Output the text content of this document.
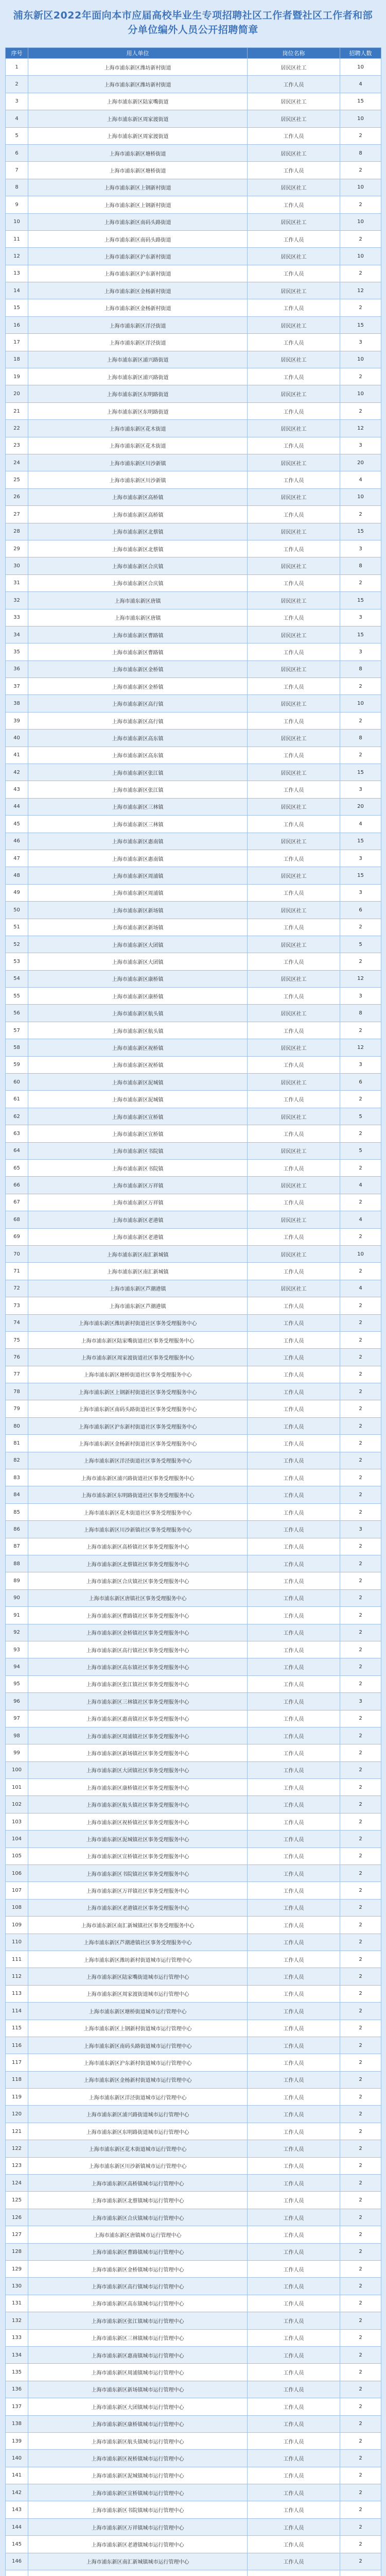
浦东新区2022年面向本市应届高校毕业生专项招聘社区工作者暨社区工作者和部
分单位编外人员公开招聘简章
序号	用人单位	岗位名称	招聘人数
1	上海市浦东新区潍坊新村街道	居民区社工	10
2	上海市浦东新区潍坊新村街道	工作人员	4
3	上海市浦东新区陆家嘴街道	居民区社工	15
4	上海市浦东新区周家渡街道	居民区社工	10
5	上海市浦东新区周家渡街道	工作人员	2
6	上海市浦东新区塘桥街道	居民区社工	8
7	上海市浦东新区塘桥街道	工作人员	2
8	上海市浦东新区上钢新村街道	居民区社工	10
9	上海市浦东新区上钢新村街道	工作人员	2
10	上海市浦东新区南码头路街道	居民区社工	10
11	上海市浦东新区南码头路街道	工作人员	2
12	上海市浦东新区沪东新村街道	居民区社工	10
13	上海市浦东新区沪东新村街道	工作人员	2
14	上海市浦东新区金杨新村街道	居民区社工	12
15	上海市浦东新区金杨新村街道	工作人员	2
16	上海市浦东新区洋泾街道	居民区社工	15
17	上海市浦东新区洋泾街道	工作人员	3
18	上海市浦东新区浦兴路街道	居民区社工	10
19	上海市浦东新区浦兴路街道	工作人员	2
20	上海市浦东新区东明路街道	居民区社工	10
21	上海市浦东新区东明路街道	工作人员	2
22	上海市浦东新区花木街道	居民区社工	12
23	上海市浦东新区花木街道	工作人员	3
24	上海市浦东新区川沙新镇	居民区社工	20
25	上海市浦东新区川沙新镇	工作人员	4
26	上海市浦东新区高桥镇	居民区社工	10
27	上海市浦东新区高桥镇	工作人员	2
28	上海市浦东新区北蔡镇	居民区社工	15
29	上海市浦东新区北蔡镇	工作人员	3
30	上海市浦东新区合庆镇	居民区社工	8
31	上海市浦东新区合庆镇	工作人员	2
32	上海市浦东新区唐镇	居民区社工	15
33	上海市浦东新区唐镇	工作人员	3
34	上海市浦东新区曹路镇	居民区社工	15
35	上海市浦东新区曹路镇	工作人员	3
36	上海市浦东新区金桥镇	居民区社工	8
37	上海市浦东新区金桥镇	工作人员	2
38	上海市浦东新区高行镇	居民区社工	10
39	上海市浦东新区高行镇	工作人员	2
40	上海市浦东新区高东镇	居民区社工	8
41	上海市浦东新区高东镇	工作人员	2
42	上海市浦东新区张江镇	居民区社工	15
43	上海市浦东新区张江镇	工作人员	3
44	上海市浦东新区三林镇	居民区社工	20
45	上海市浦东新区三林镇	工作人员	4
46	上海市浦东新区惠南镇	居民区社工	15
47	上海市浦东新区惠南镇	工作人员	3
48	上海市浦东新区周浦镇	居民区社工	15
49	上海市浦东新区周浦镇	工作人员	3
50	上海市浦东新区新场镇	居民区社工	6
51	上海市浦东新区新场镇	工作人员	2
52	上海市浦东新区大团镇	居民区社工	5
53	上海市浦东新区大团镇	工作人员	2
54	上海市浦东新区康桥镇	居民区社工	12
55	上海市浦东新区康桥镇	工作人员	3
56	上海市浦东新区航头镇	居民区社工	8
57	上海市浦东新区航头镇	工作人员	2
58	上海市浦东新区祝桥镇	居民区社工	12
59	上海市浦东新区祝桥镇	工作人员	3
60	上海市浦东新区泥城镇	居民区社工	6
61	上海市浦东新区泥城镇	工作人员	2
62	上海市浦东新区宣桥镇	居民区社工	5
63	上海市浦东新区宣桥镇	工作人员	2
64	上海市浦东新区书院镇	居民区社工	5
65	上海市浦东新区书院镇	工作人员	2
66	上海市浦东新区万祥镇	居民区社工	4
67	上海市浦东新区万祥镇	工作人员	2
68	上海市浦东新区老港镇	居民区社工	4
69	上海市浦东新区老港镇	工作人员	2
70	上海市浦东新区南汇新城镇	居民区社工	10
71	上海市浦东新区南汇新城镇	工作人员	2
72	上海市浦东新区芦潮港镇	居民区社工	4
73	上海市浦东新区芦潮港镇	工作人员	2
74	上海市浦东新区潍坊新村街道社区事务受理服务中心	工作人员	2
75	上海市浦东新区陆家嘴街道社区事务受理服务中心	工作人员	2
76	上海市浦东新区周家渡街道社区事务受理服务中心	工作人员	2
77	上海市浦东新区塘桥街道社区事务受理服务中心	工作人员	2
78	上海市浦东新区上钢新村街道社区事务受理服务中心	工作人员	2
79	上海市浦东新区南码头路街道社区事务受理服务中心	工作人员	2
80	上海市浦东新区沪东新村街道社区事务受理服务中心	工作人员	2
81	上海市浦东新区金杨新村街道社区事务受理服务中心	工作人员	2
82	上海市浦东新区洋泾街道社区事务受理服务中心	工作人员	2
83	上海市浦东新区浦兴路街道社区事务受理服务中心	工作人员	2
84	上海市浦东新区东明路街道社区事务受理服务中心	工作人员	2
85	上海市浦东新区花木街道社区事务受理服务中心	工作人员	2
86	上海市浦东新区川沙新镇社区事务受理服务中心	工作人员	3
87	上海市浦东新区高桥镇社区事务受理服务中心	工作人员	2
88	上海市浦东新区北蔡镇社区事务受理服务中心	工作人员	2
89	上海市浦东新区合庆镇社区事务受理服务中心	工作人员	2
90	上海市浦东新区唐镇社区事务受理服务中心	工作人员	2
91	上海市浦东新区曹路镇社区事务受理服务中心	工作人员	2
92	上海市浦东新区金桥镇社区事务受理服务中心	工作人员	2
93	上海市浦东新区高行镇社区事务受理服务中心	工作人员	2
94	上海市浦东新区高东镇社区事务受理服务中心	工作人员	2
95	上海市浦东新区张江镇社区事务受理服务中心	工作人员	2
96	上海市浦东新区三林镇社区事务受理服务中心	工作人员	3
97	上海市浦东新区惠南镇社区事务受理服务中心	工作人员	2
98	上海市浦东新区周浦镇社区事务受理服务中心	工作人员	2
99	上海市浦东新区新场镇社区事务受理服务中心	工作人员	2
100	上海市浦东新区大团镇社区事务受理服务中心	工作人员	2
101	上海市浦东新区康桥镇社区事务受理服务中心	工作人员	2
102	上海市浦东新区航头镇社区事务受理服务中心	工作人员	2
103	上海市浦东新区祝桥镇社区事务受理服务中心	工作人员	2
104	上海市浦东新区泥城镇社区事务受理服务中心	工作人员	2
105	上海市浦东新区宣桥镇社区事务受理服务中心	工作人员	2
106	上海市浦东新区书院镇社区事务受理服务中心	工作人员	2
107	上海市浦东新区万祥镇社区事务受理服务中心	工作人员	2
108	上海市浦东新区老港镇社区事务受理服务中心	工作人员	2
109	上海市浦东新区南汇新城镇社区事务受理服务中心	工作人员	2
110	上海市浦东新区芦潮港镇社区事务受理服务中心	工作人员	2
111	上海市浦东新区潍坊新村街道城市运行管理中心	工作人员	2
112	上海市浦东新区陆家嘴街道城市运行管理中心	工作人员	2
113	上海市浦东新区周家渡街道城市运行管理中心	工作人员	2
114	上海市浦东新区塘桥街道城市运行管理中心	工作人员	2
115	上海市浦东新区上钢新村街道城市运行管理中心	工作人员	2
116	上海市浦东新区南码头路街道城市运行管理中心	工作人员	2
117	上海市浦东新区沪东新村街道城市运行管理中心	工作人员	2
118	上海市浦东新区金杨新村街道城市运行管理中心	工作人员	2
119	上海市浦东新区洋泾街道城市运行管理中心	工作人员	2
120	上海市浦东新区浦兴路街道城市运行管理中心	工作人员	2
121	上海市浦东新区东明路街道城市运行管理中心	工作人员	2
122	上海市浦东新区花木街道城市运行管理中心	工作人员	2
123	上海市浦东新区川沙新镇城市运行管理中心	工作人员	2
124	上海市浦东新区高桥镇城市运行管理中心	工作人员	2
125	上海市浦东新区北蔡镇城市运行管理中心	工作人员	2
126	上海市浦东新区合庆镇城市运行管理中心	工作人员	2
127	上海市浦东新区唐镇城市运行管理中心	工作人员	2
128	上海市浦东新区曹路镇城市运行管理中心	工作人员	2
129	上海市浦东新区金桥镇城市运行管理中心	工作人员	2
130	上海市浦东新区高行镇城市运行管理中心	工作人员	2
131	上海市浦东新区高东镇城市运行管理中心	工作人员	2
132	上海市浦东新区张江镇城市运行管理中心	工作人员	2
133	上海市浦东新区三林镇城市运行管理中心	工作人员	2
134	上海市浦东新区惠南镇城市运行管理中心	工作人员	2
135	上海市浦东新区周浦镇城市运行管理中心	工作人员	2
136	上海市浦东新区新场镇城市运行管理中心	工作人员	2
137	上海市浦东新区大团镇城市运行管理中心	工作人员	2
138	上海市浦东新区康桥镇城市运行管理中心	工作人员	2
139	上海市浦东新区航头镇城市运行管理中心	工作人员	2
140	上海市浦东新区祝桥镇城市运行管理中心	工作人员	2
141	上海市浦东新区泥城镇城市运行管理中心	工作人员	2
142	上海市浦东新区宣桥镇城市运行管理中心	工作人员	2
143	上海市浦东新区书院镇城市运行管理中心	工作人员	2
144	上海市浦东新区万祥镇城市运行管理中心	工作人员	2
145	上海市浦东新区老港镇城市运行管理中心	工作人员	2
146	上海市浦东新区南汇新城镇城市运行管理中心	工作人员	2
